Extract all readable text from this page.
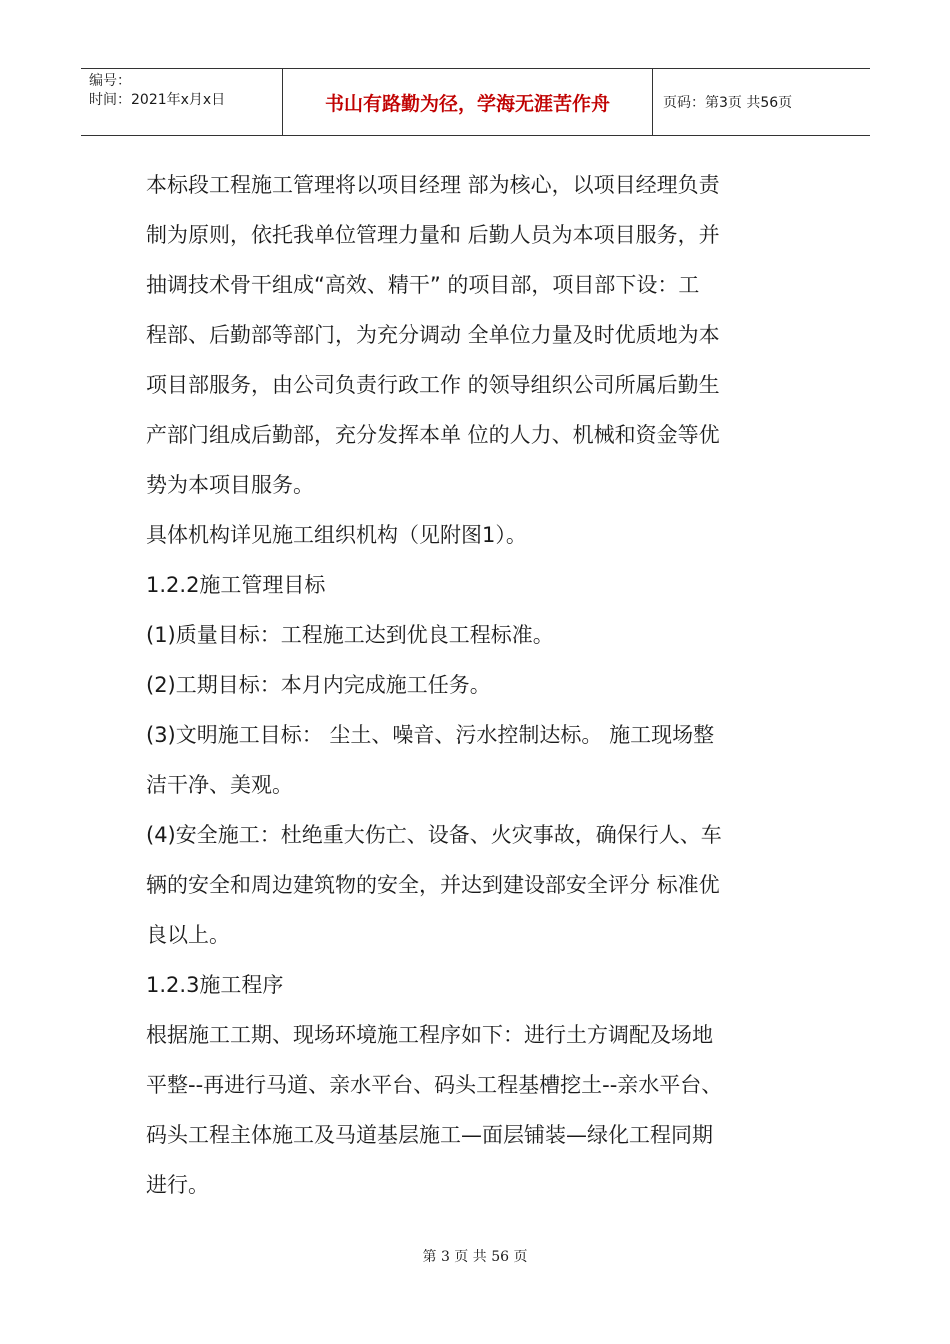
编号：
时间：2021年x月x日	书山有路勤为径，学海无涯苦作舟	页码：第3页 共56页
本标段工程施工管理将以项目经理 部为核心，以项目经理负责
制为原则，依托我单位管理力量和 后勤人员为本项目服务，并
抽调技术骨干组成“高效、精干” 的项目部，项目部下设：工
程部、后勤部等部门，为充分调动 全单位力量及时优质地为本
项目部服务，由公司负责行政工作 的领导组织公司所属后勤生
产部门组成后勤部，充分发挥本单 位的人力、机械和资金等优
势为本项目服务。
具体机构详见施工组织机构（见附图1）。
1.2.2施工管理目标
(1)质量目标：工程施工达到优良工程标准。
(2)工期目标：本月内完成施工任务。
(3)文明施工目标： 尘土、噪音、污水控制达标。 施工现场整
洁干净、美观。
(4)安全施工：杜绝重大伤亡、设备、火灾事故，确保行人、车
辆的安全和周边建筑物的安全，并达到建设部安全评分 标准优
良以上。
1.2.3施工程序
根据施工工期、现场环境施工程序如下：进行土方调配及场地
平整--再进行马道、亲水平台、码头工程基槽挖土--亲水平台、
码头工程主体施工及马道基层施工—面层铺装—绿化工程同期
进行。
第 3 页 共 56 页
